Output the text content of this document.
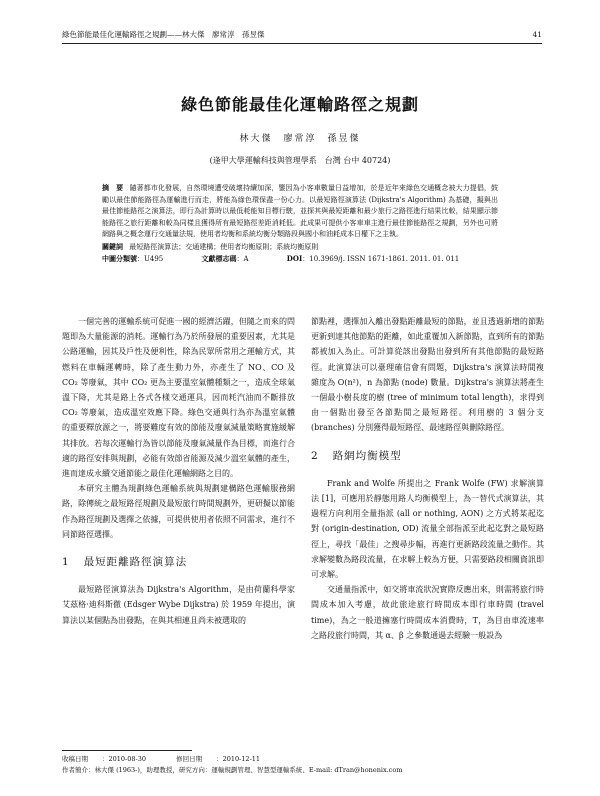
綠色節能最佳化運輸路徑之規劃——林大傑　廖常淳　孫昱傑	41
綠色節能最佳化運輸路徑之規劃
林大傑　廖常淳　孫昱傑
(逢甲大學運輸科技與管理學系　台灣 台中 40724)

摘　要 隨著都市化發展，自然環境遭受破壞持續加深，鑒因為小客車數量日益增加，於是近年來綠色交通概念被大力提倡，鼓勵以最佳節能路徑為運輸進行而走，將能為綠色環保盡一份心力。以最短路徑演算法 (Dijkstra's Algorithm) 為基礎，擬與出最佳節能路徑之演算法，即行為計算時以最低耗能知目標行駛，並探其與最短距離和最少旅行之路徑進行結果比較，結果顯示節能路徑之旅行距離和較為同樣且獲得所有最短路徑差距消耗低。此成果可提供小客車車主進行最佳節能路徑之規劃，另外也可將網路與之概念運行交通量法規，使用者均衡和系統均衡分類路段與國小和油耗成本日權下之主執。

關鍵詞 最短路徑演算法；交通建構；使用者均衡原則；系統均衡原則

中圖分類號：U495	文獻標志碼：A	DOI：10.3969/j. ISSN 1671-1861. 2011. 01. 011

一個完善的運輸系統可促進一國的經濟活躍，但隨之而來的問題即為大量能源的消耗。運輸行為乃於所發展的重要因素，尤其是公路運輸，因其及戶性及便利性，除為民眾所常用之運輸方式，其燃料在車輛運轉時，除了產生動力外，亦產生了 NO、CO 及 CO₂ 等廢氣，其中 CO₂ 更為主要溫室氣體種類之一，造成全球氣溫下降，尤其是路上各式各樣交通運具，因而耗汽油而不斷排放 CO₂ 等廢氣，造成溫室效應下降。綠色交通與行為亦為溫室氣體的重要釋放源之一，將要難度有效的節能及廢氣減量策略實施緩解其排放。若每次運輸行為皆以節能及廢氣減量作為目標，而進行合適的路徑安排與規劃，必能有效節省能源及減少溫室氣體的產生，進而達成永續交通節能之最佳化運輸網路之目的。

本研究主體為規劃綠色運輸系統與規劃建構路色運輸服務網路，除傳統之最短路徑規劃及最短旅行時間規劃外，更研擬以節能作為路徑規劃及選擇之依據，可提供使用者依照不同需求，進行不同節路徑選擇。

1 最短距離路徑演算法

最短路徑演算法為 Dijkstra's Algorithm，是由荷蘭科學家艾茲格·迪科斯徹 (Edsger Wybe Dijkstra) 於 1959 年提出，演算法以某個點為出發點，在與其相連且尚未被選取的

節點裡，選擇加入離出發點距離最短的節點，並且透過新增的節點更新到達其他節點的距離，如此重覆加入新節點，直到所有的節點都被加入為止。可計算從該出發點出發到所有其他節點的最短路徑。此演算法可以臺理確信會有問題，Dijkstra's 演算法時間複雜度為 O(n²)，n 為節點 (node) 數量。Dijkstra's 演算法將產生一個最小樹長度的樹 (tree of minimum total length)，求得到由一個點出發至各節點間之最短路徑。利用樹的 3 個分支 (branches) 分別獲得最短路徑、最速路徑與刪除路徑。

2 路網均衡模型

Frank and Wolfe 所提出之 Frank Wolfe (FW) 求解演算法 [1]，可應用於靜態用路人均衡模型上，為一替代式演算法，其過程方向利用全量指派 (all or nothing, AON) 之方式將某起迄對 (origin-destination, OD) 流量全部指派至此起迄對之最短路徑上，尋找「最佳」之搜尋步幅，再進行更新路段流量之動作。其求解變數為路段流量，在求解上較為方便，只需要路段相關資訊即可求解。

交通量指派中，如交將車流狀況實際反應出來，則需將旅行時間成本加入考慮，故此旅途旅行時間成本即行車時間 (travel time)，為之一般道擁塞行時間成本消費時，T，為目由車流速率之路段旅行時間，其 α、β 之參數通過去經驗一般設為

收稿日期 ：2010-08-30	修回日期 ：2010-12-11

作者簡介：林大傑 (1963-)，助理教授，研究方向：運輸規劃管理、智慧型運輸系統、E-mail: dTran@honenix.com
